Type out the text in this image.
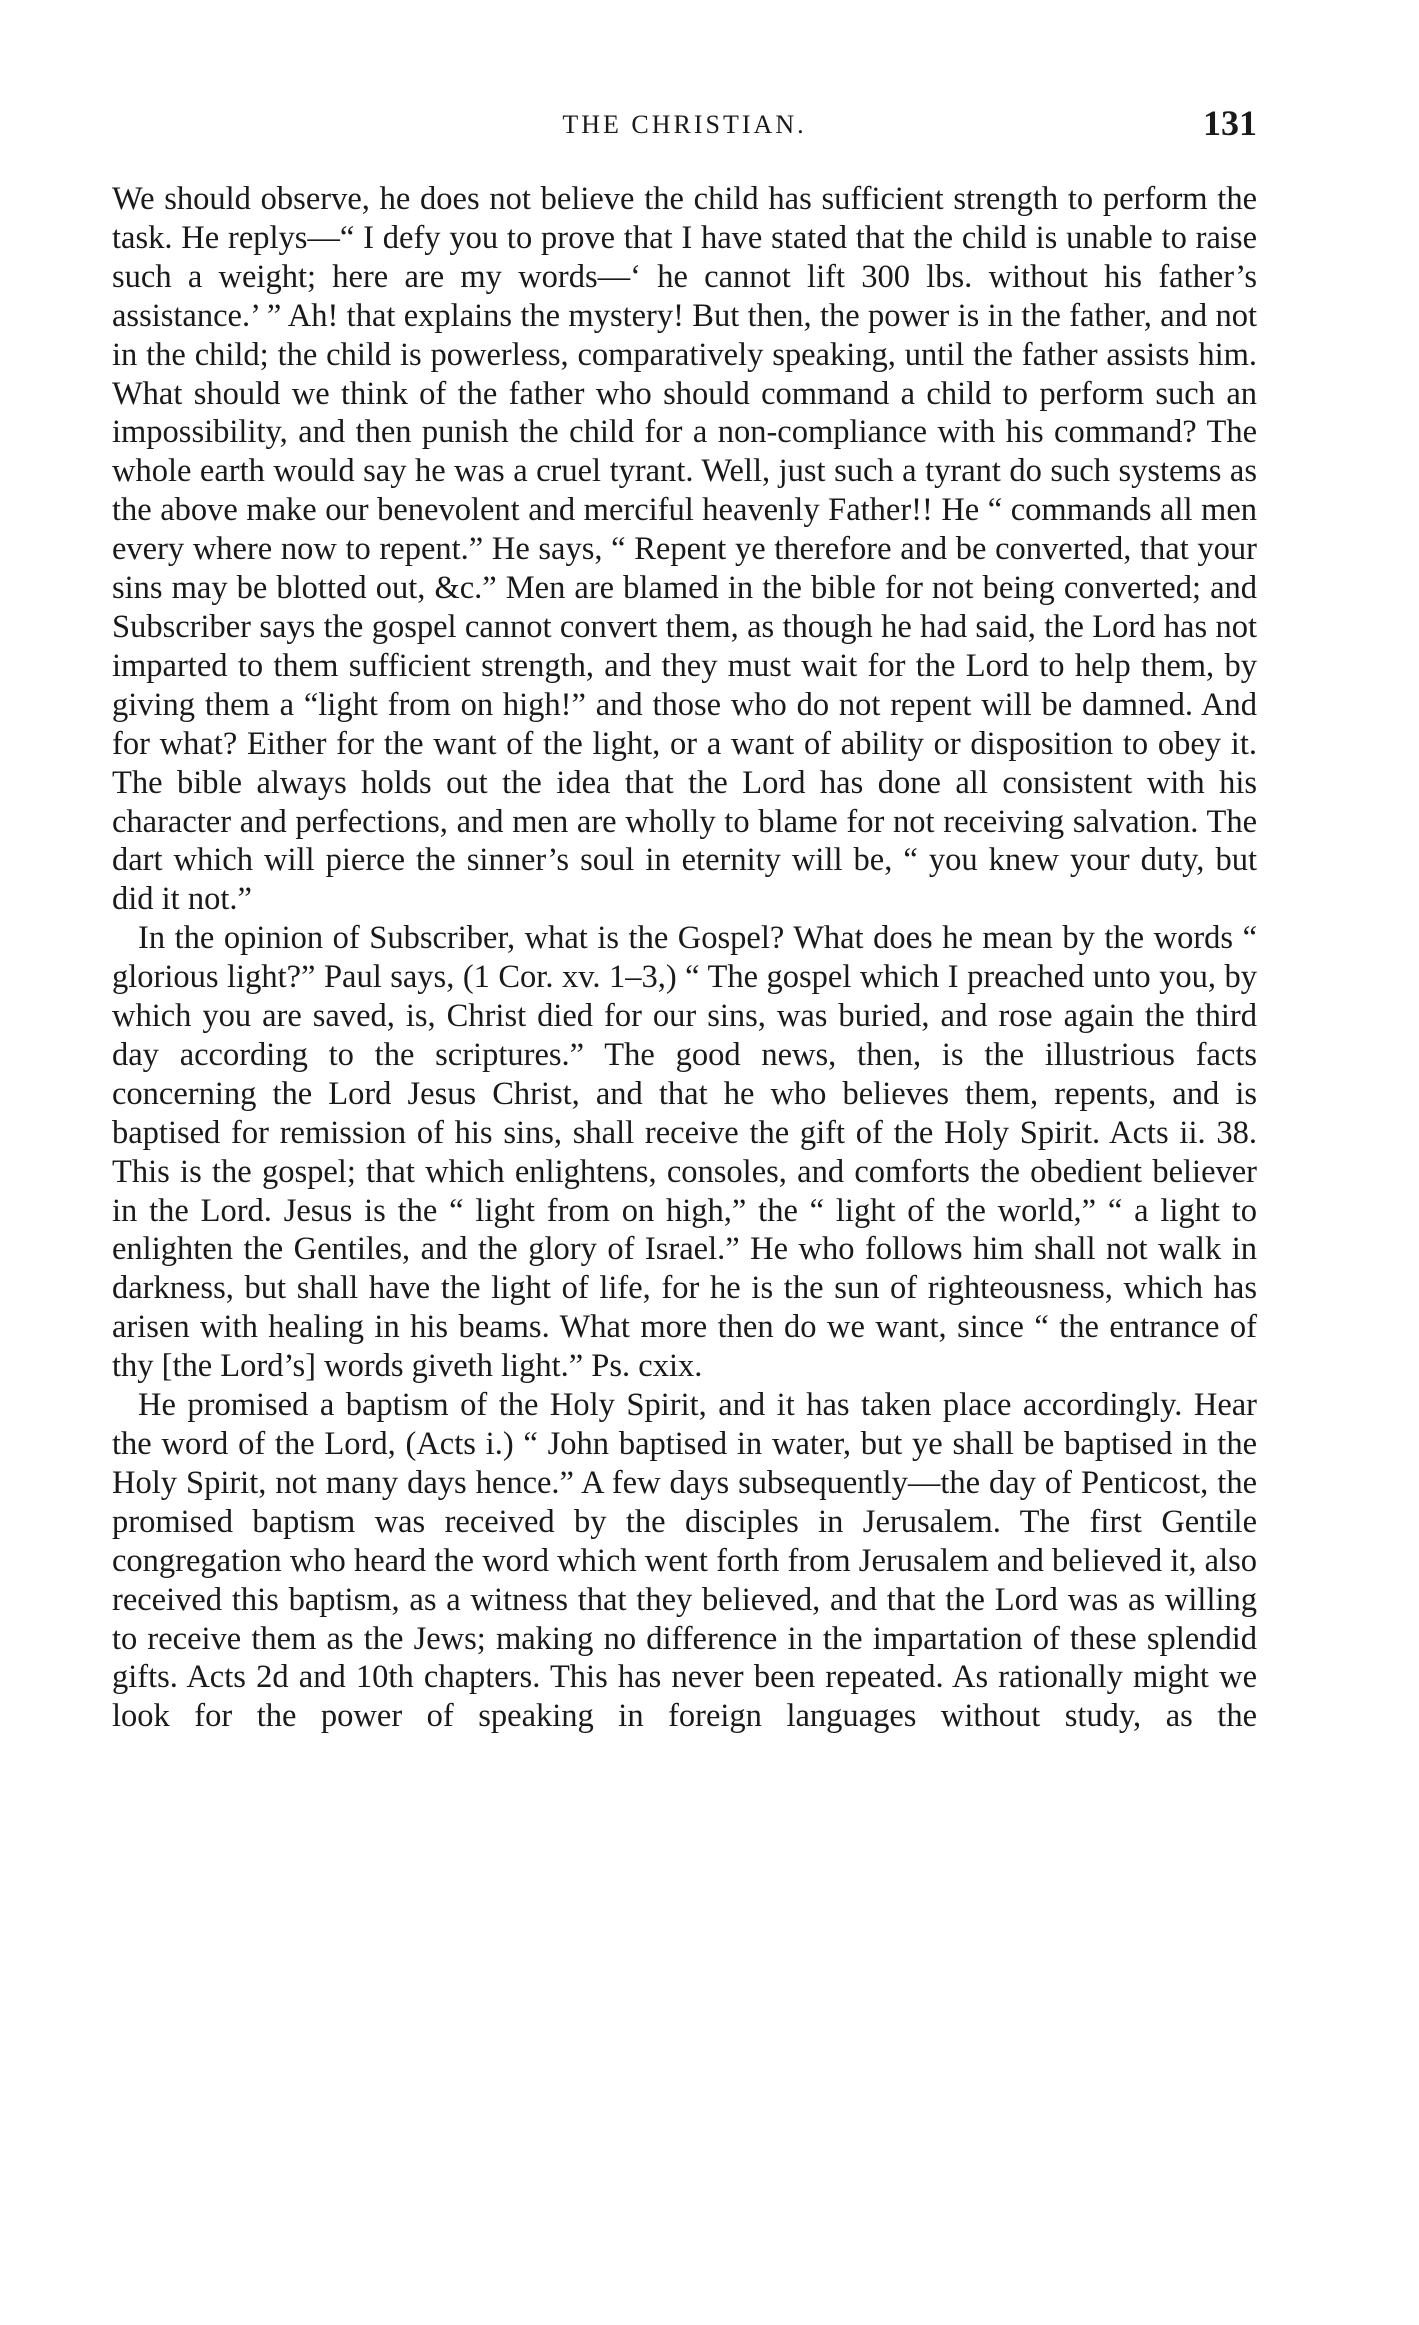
THE CHRISTIAN.	131

We should observe, he does not believe the child has sufficient strength to perform the task. He replys—“ I defy you to prove that I have stated that the child is unable to raise such a weight; here are my words—‘ he cannot lift 300 lbs. without his father’s assistance.’ ” Ah! that explains the mystery! But then, the power is in the father, and not in the child; the child is powerless, comparatively speaking, until the father assists him. What should we think of the father who should command a child to perform such an impossibility, and then punish the child for a non-compliance with his command? The whole earth would say he was a cruel tyrant. Well, just such a tyrant do such systems as the above make our benevolent and merciful heavenly Father!! He “ commands all men every where now to repent.” He says, “ Repent ye therefore and be converted, that your sins may be blotted out, &c.” Men are blamed in the bible for not being converted; and Subscriber says the gospel cannot convert them, as though he had said, the Lord has not imparted to them sufficient strength, and they must wait for the Lord to help them, by giving them a “light from on high!” and those who do not repent will be damned. And for what? Either for the want of the light, or a want of ability or disposition to obey it. The bible always holds out the idea that the Lord has done all consistent with his character and perfections, and men are wholly to blame for not receiving salvation. The dart which will pierce the sinner’s soul in eternity will be, “ you knew your duty, but did it not.”

In the opinion of Subscriber, what is the Gospel? What does he mean by the words “ glorious light?” Paul says, (1 Cor. xv. 1–3,) “ The gospel which I preached unto you, by which you are saved, is, Christ died for our sins, was buried, and rose again the third day according to the scriptures.” The good news, then, is the illustrious facts concerning the Lord Jesus Christ, and that he who believes them, repents, and is baptised for remission of his sins, shall receive the gift of the Holy Spirit. Acts ii. 38. This is the gospel; that which enlightens, consoles, and comforts the obedient believer in the Lord. Jesus is the “ light from on high,” the “ light of the world,” “ a light to enlighten the Gentiles, and the glory of Israel.” He who follows him shall not walk in darkness, but shall have the light of life, for he is the sun of righteousness, which has arisen with healing in his beams. What more then do we want, since “ the entrance of thy [the Lord’s] words giveth light.” Ps. cxix.

He promised a baptism of the Holy Spirit, and it has taken place accordingly. Hear the word of the Lord, (Acts i.) “ John baptised in water, but ye shall be baptised in the Holy Spirit, not many days hence.” A few days subsequently—the day of Penticost, the promised baptism was received by the disciples in Jerusalem. The first Gentile congregation who heard the word which went forth from Jerusalem and believed it, also received this baptism, as a witness that they believed, and that the Lord was as willing to receive them as the Jews; making no difference in the impartation of these splendid gifts. Acts 2d and 10th chapters. This has never been repeated. As rationally might we look for the power of speaking in foreign languages without study, as the
